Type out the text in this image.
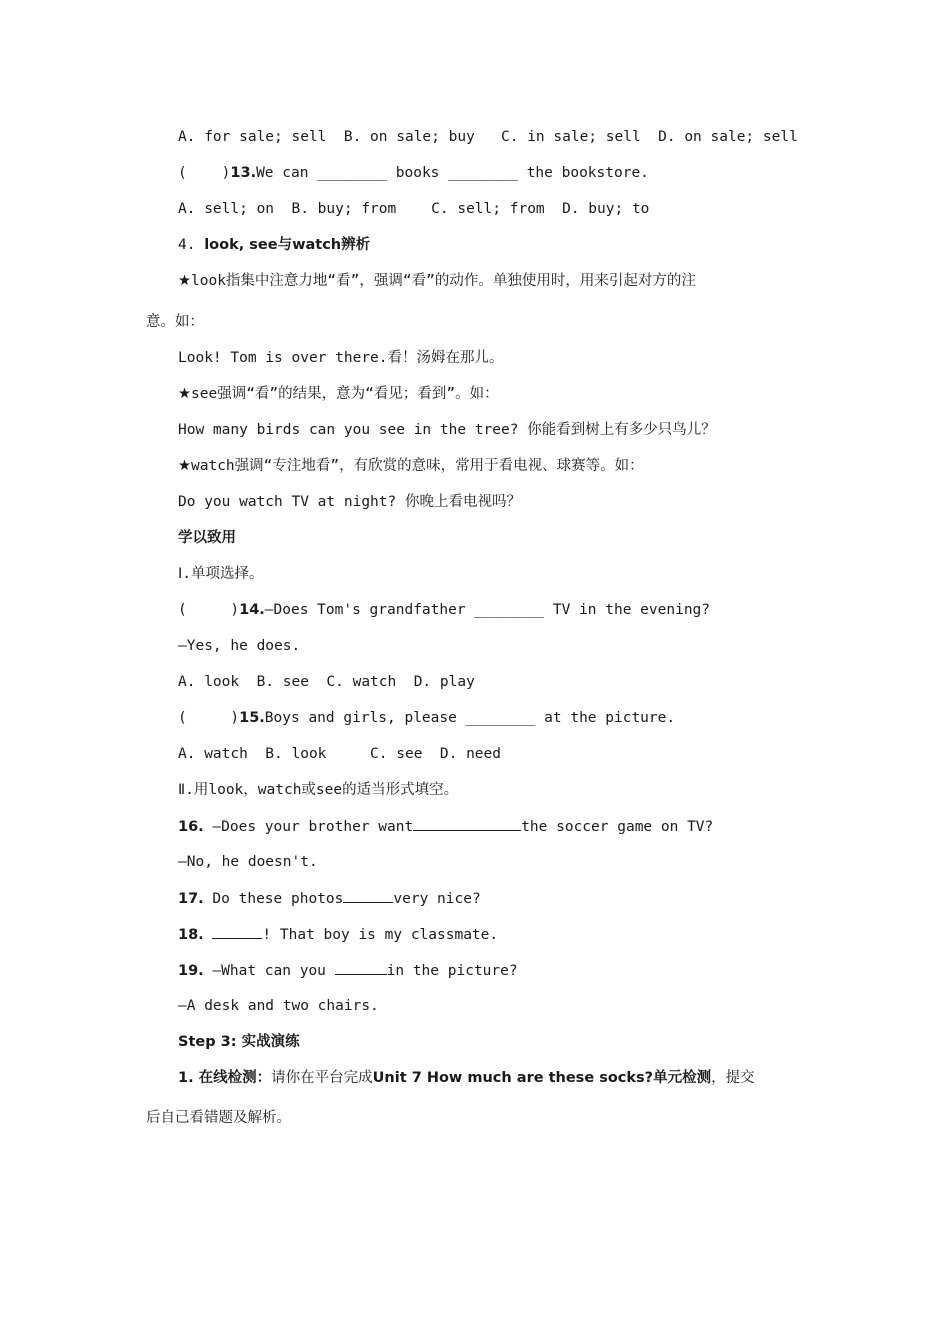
A. for sale; sell  B. on sale; buy   C. in sale; sell  D. on sale; sell
(    )13.We can ________ books ________ the bookstore.
A. sell; on  B. buy; from    C. sell; from  D. buy; to
4. look, see与watch辨析
★look指集中注意力地“看”，强调“看”的动作。单独使用时，用来引起对方的注
意。如：
Look! Tom is over there.看！汤姆在那儿。
★see强调“看”的结果，意为“看见；看到”。如：
How many birds can you see in the tree? 你能看到树上有多少只鸟儿？
★watch强调“专注地看”，有欣赏的意味，常用于看电视、球赛等。如：
Do you watch TV at night? 你晚上看电视吗？
学以致用
Ⅰ.单项选择。
(     )14.—Does Tom's grandfather ________ TV in the evening?
—Yes, he does.
A. look  B. see  C. watch  D. play
(     )15.Boys and girls, please ________ at the picture.
A. watch  B. look     C. see  D. need
Ⅱ.用look，watch或see的适当形式填空。
16. —Does your brother want	the soccer game on TV?
—No, he doesn't.
17. Do these photos	very nice?
18.	! That boy is my classmate.
19. —What can you	in the picture?
—A desk and two chairs.
Step 3: 实战演练
1. 在线检测：请你在平台完成Unit 7 How much are these socks?单元检测，提交
后自己看错题及解析。
